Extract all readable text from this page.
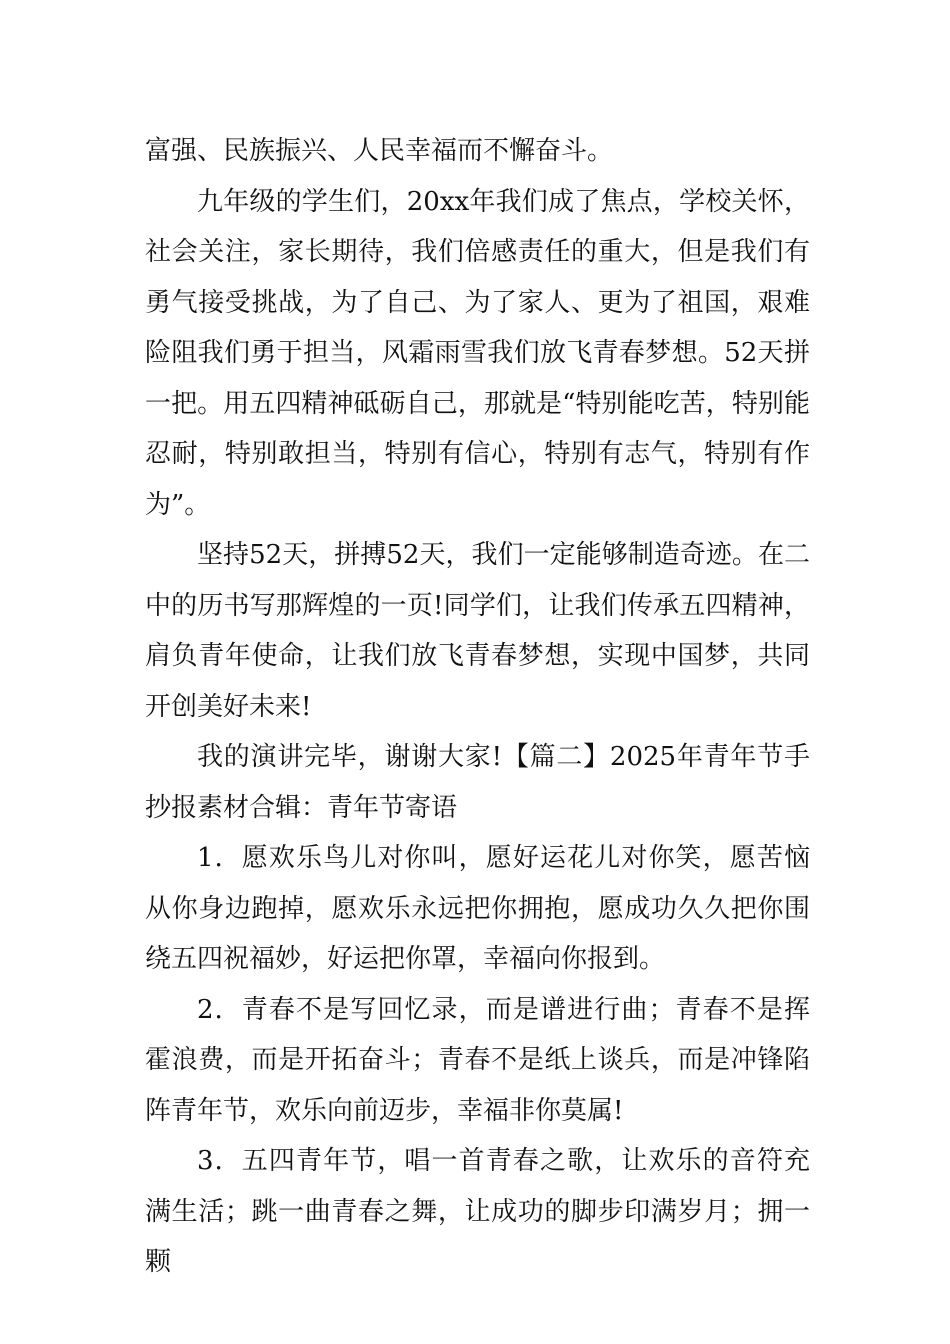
富强、民族振兴、人民幸福而不懈奋斗。

九年级的学生们，20xx年我们成了焦点，学校关怀，社会关注，家长期待，我们倍感责任的重大，但是我们有勇气接受挑战，为了自己、为了家人、更为了祖国，艰难险阻我们勇于担当，风霜雨雪我们放飞青春梦想。52天拼一把。用五四精神砥砺自己，那就是“特别能吃苦，特别能忍耐，特别敢担当，特别有信心，特别有志气，特别有作为”。

坚持52天，拼搏52天，我们一定能够制造奇迹。在二中的历书写那辉煌的一页!同学们，让我们传承五四精神，肩负青年使命，让我们放飞青春梦想，实现中国梦，共同开创美好未来!

我的演讲完毕，谢谢大家!【篇二】2025年青年节手抄报素材合辑：青年节寄语

1．愿欢乐鸟儿对你叫，愿好运花儿对你笑，愿苦恼从你身边跑掉，愿欢乐永远把你拥抱，愿成功久久把你围绕五四祝福妙，好运把你罩，幸福向你报到。

2．青春不是写回忆录，而是谱进行曲；青春不是挥霍浪费，而是开拓奋斗；青春不是纸上谈兵，而是冲锋陷阵青年节，欢乐向前迈步，幸福非你莫属!

3．五四青年节，唱一首青春之歌，让欢乐的音符充满生活；跳一曲青春之舞，让成功的脚步印满岁月；拥一颗
